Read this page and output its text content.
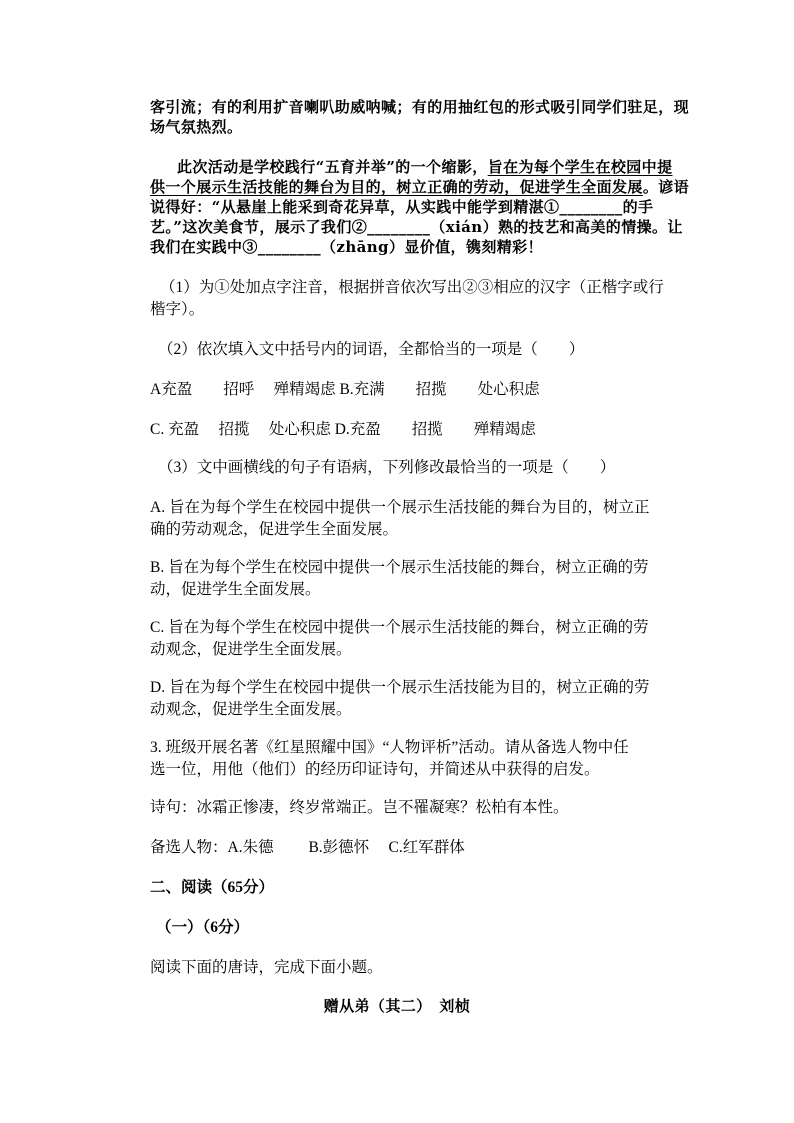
客引流；有的利用扩音喇叭助威呐喊；有的用抽红包的形式吸引同学们驻足，现
场气氛热烈。
此次活动是学校践行“五育并举”的一个缩影，旨在为每个学生在校园中提
供一个展示生活技能的舞台为目的，树立正确的劳动，促进学生全面发展。谚语
说得好：“从悬崖上能采到奇花异草，从实践中能学到精湛①________的手
艺。”这次美食节，展示了我们②________（xián）熟的技艺和高美的情操。让
我们在实践中③________（zhāng）显价值，镌刻精彩！
（1）为①处加点字注音，根据拼音依次写出②③相应的汉字（正楷字或行
楷字）。
（2）依次填入文中括号内的词语，全都恰当的一项是（　　）
A充盈　　招呼　 殚精竭虑 B.充满　　招揽　　处心积虑
C. 充盈　 招揽　 处心积虑 D.充盈　　招揽　　殚精竭虑
（3）文中画横线的句子有语病，下列修改最恰当的一项是（　　）
A. 旨在为每个学生在校园中提供一个展示生活技能的舞台为目的，树立正
确的劳动观念，促进学生全面发展。
B. 旨在为每个学生在校园中提供一个展示生活技能的舞台，树立正确的劳
动，促进学生全面发展。
C. 旨在为每个学生在校园中提供一个展示生活技能的舞台，树立正确的劳
动观念，促进学生全面发展。
D. 旨在为每个学生在校园中提供一个展示生活技能为目的，树立正确的劳
动观念，促进学生全面发展。
3. 班级开展名著《红星照耀中国》“人物评析”活动。请从备选人物中任
选一位，用他（他们）的经历印证诗句，并简述从中获得的启发。
诗句：冰霜正惨凄，终岁常端正。岂不罹凝寒？松柏有本性。
备选人物：A.朱德　　 B.彭德怀　 C.红军群体
二、阅读（65分）
（一）（6分）
阅读下面的唐诗，完成下面小题。
赠从弟（其二）　刘桢
